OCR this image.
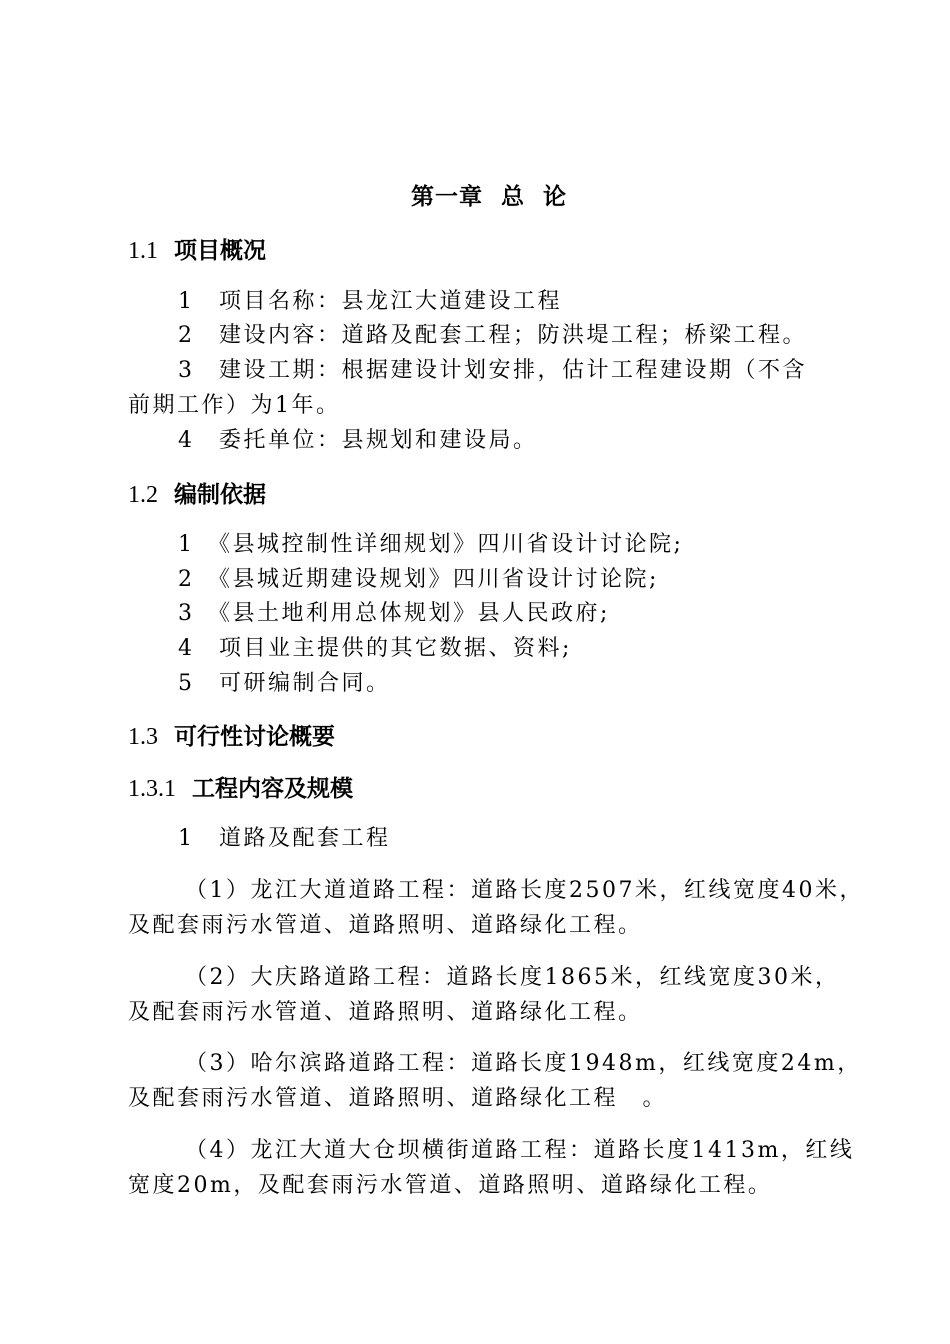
第一章  总  论
1.1 项目概况
1　项目名称：县龙江大道建设工程
2　建设内容：道路及配套工程；防洪堤工程；桥梁工程。
3　建设工期：根据建设计划安排，估计工程建设期（不含
前期工作）为1年。
4　委托单位：县规划和建设局。
1.2 编制依据
1　《县城控制性详细规划》四川省设计讨论院;
2　《县城近期建设规划》四川省设计讨论院;
3　《县土地利用总体规划》县人民政府;
4　项目业主提供的其它数据、资料;
5　可研编制合同。
1.3 可行性讨论概要
1.3.1 工程内容及规模
1　道路及配套工程
（1）龙江大道道路工程：道路长度2507米，红线宽度40米，
及配套雨污水管道、道路照明、道路绿化工程。
（2）大庆路道路工程：道路长度1865米，红线宽度30米，
及配套雨污水管道、道路照明、道路绿化工程。
（3）哈尔滨路道路工程：道路长度1948m，红线宽度24m，
及配套雨污水管道、道路照明、道路绿化工程　。
（4）龙江大道大仓坝横街道路工程：道路长度1413m，红线
宽度20m，及配套雨污水管道、道路照明、道路绿化工程。
